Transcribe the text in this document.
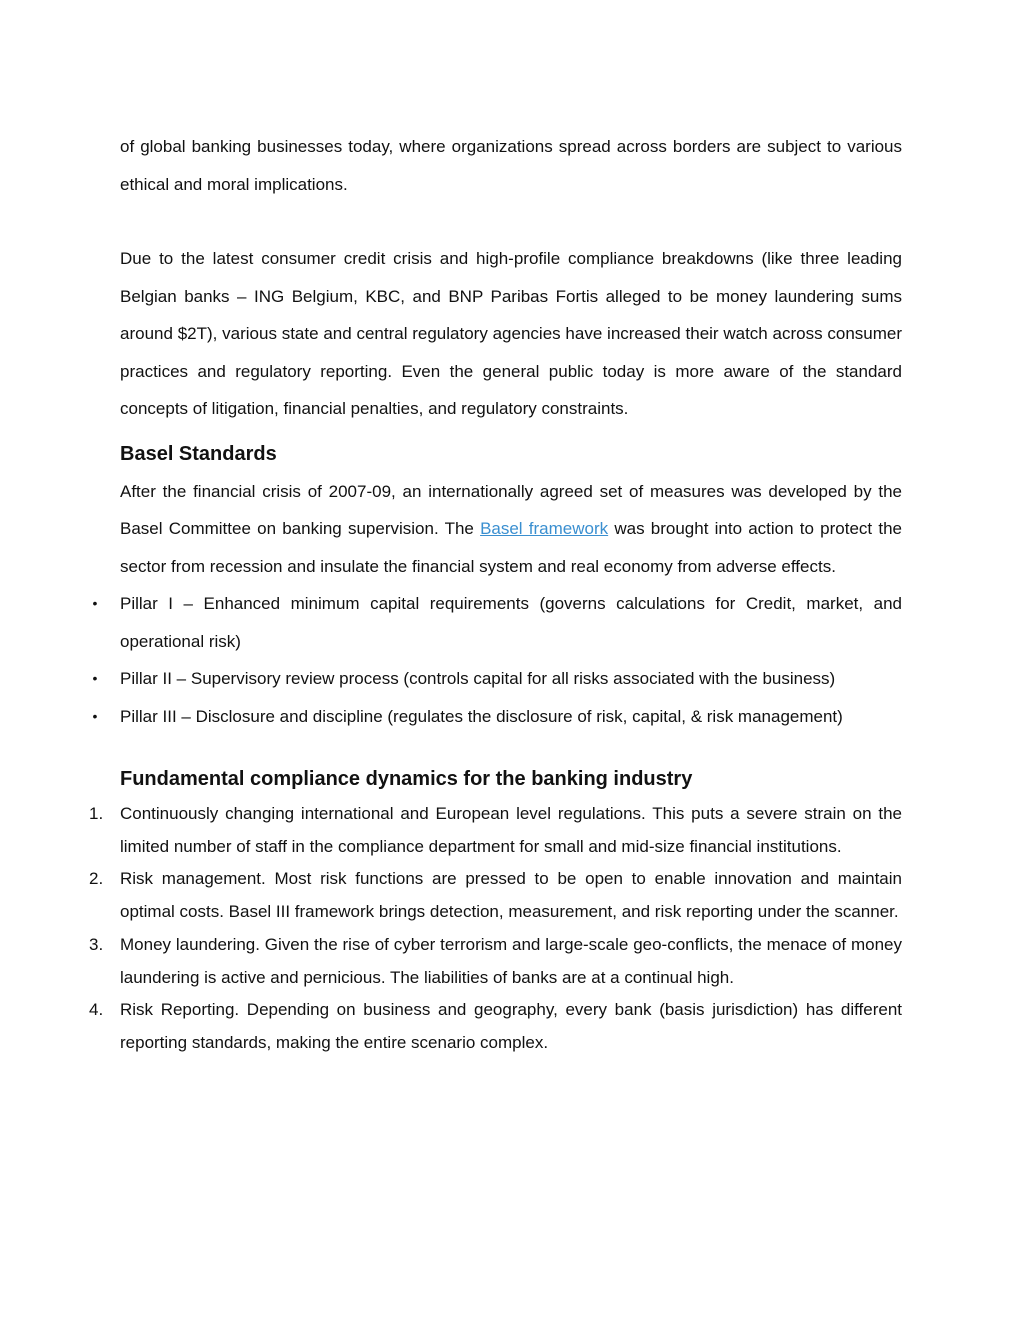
of global banking businesses today, where organizations spread across borders are subject to various ethical and moral implications.

Due to the latest consumer credit crisis and high-profile compliance breakdowns (like three leading Belgian banks – ING Belgium, KBC, and BNP Paribas Fortis alleged to be money laundering sums around $2T), various state and central regulatory agencies have increased their watch across consumer practices and regulatory reporting. Even the general public today is more aware of the standard concepts of litigation, financial penalties, and regulatory constraints.

Basel Standards

After the financial crisis of 2007-09, an internationally agreed set of measures was developed by the Basel Committee on banking supervision. The Basel framework was brought into action to protect the sector from recession and insulate the financial system and real economy from adverse effects.

• Pillar I – Enhanced minimum capital requirements (governs calculations for Credit, market, and operational risk)
• Pillar II – Supervisory review process (controls capital for all risks associated with the business)
• Pillar III – Disclosure and discipline (regulates the disclosure of risk, capital, & risk management)
Fundamental compliance dynamics for the banking industry
1. Continuously changing international and European level regulations. This puts a severe strain on the limited number of staff in the compliance department for small and mid-size financial institutions.
2. Risk management. Most risk functions are pressed to be open to enable innovation and maintain optimal costs. Basel III framework brings detection, measurement, and risk reporting under the scanner.
3. Money laundering. Given the rise of cyber terrorism and large-scale geo-conflicts, the menace of money laundering is active and pernicious. The liabilities of banks are at a continual high.
4. Risk Reporting. Depending on business and geography, every bank (basis jurisdiction) has different reporting standards, making the entire scenario complex.
